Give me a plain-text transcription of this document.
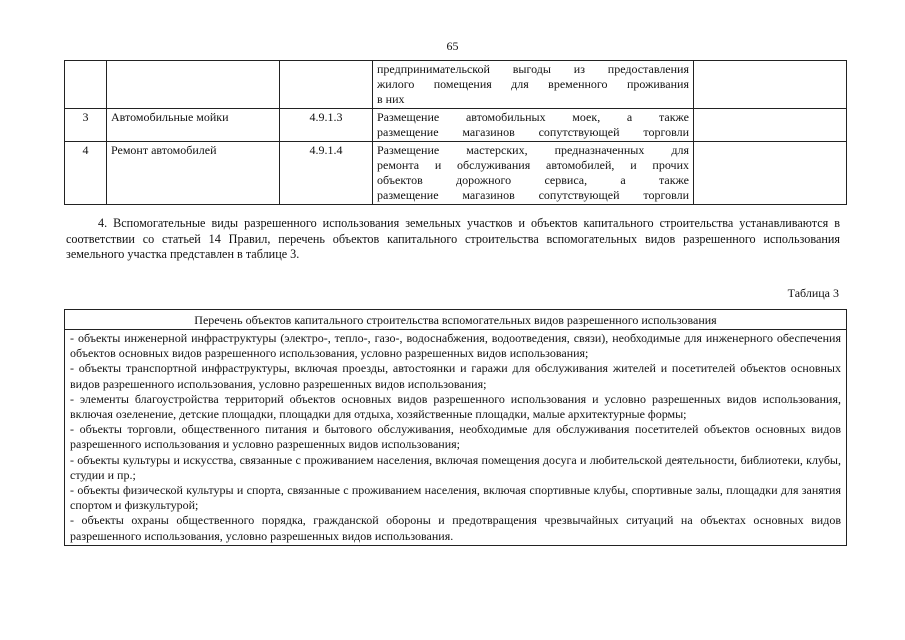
65

			предпринимательской выгоды из предоставления
жилого помещения для временного проживания
в них	

3	Автомобильные мойки	4.9.1.3	Размещение автомобильных моек, а также
размещение магазинов сопутствующей торговли	

4	Ремонт автомобилей	4.9.1.4	Размещение мастерских, предназначенных для
ремонта и обслуживания автомобилей, и прочих
объектов дорожного сервиса, а также
размещение магазинов сопутствующей торговли	

4. Вспомогательные виды разрешенного использования земельных участков и объектов капитального строительства устанавливаются в соответствии со статьей 14 Правил, перечень объектов капитального строительства вспомогательных видов разрешенного использования земельного участка представлен в таблице 3.

Таблица 3
Перечень объектов капитального строительства вспомогательных видов разрешенного использования

- объекты инженерной инфраструктуры (электро-, тепло-, газо-, водоснабжения, водоотведения, связи), необходимые для инженерного обеспечения объектов основных видов разрешенного использования, условно разрешенных видов использования;

- объекты транспортной инфраструктуры, включая проезды, автостоянки и гаражи для обслуживания жителей и посетителей объектов основных видов разрешенного использования, условно разрешенных видов использования;

- элементы благоустройства территорий объектов основных видов разрешенного использования и условно разрешенных видов использования, включая озеленение, детские площадки, площадки для отдыха, хозяйственные площадки, малые архитектурные формы;

- объекты торговли, общественного питания и бытового обслуживания, необходимые для обслуживания посетителей объектов основных видов разрешенного использования и условно разрешенных видов использования;

- объекты культуры и искусства, связанные с проживанием населения, включая помещения досуга и любительской деятельности, библиотеки, клубы, студии и пр.;

- объекты физической культуры и спорта, связанные с проживанием населения, включая спортивные клубы, спортивные залы, площадки для занятия спортом и физкультурой;

- объекты охраны общественного порядка, гражданской обороны и предотвращения чрезвычайных ситуаций на объектах основных видов разрешенного использования, условно разрешенных видов использования.
